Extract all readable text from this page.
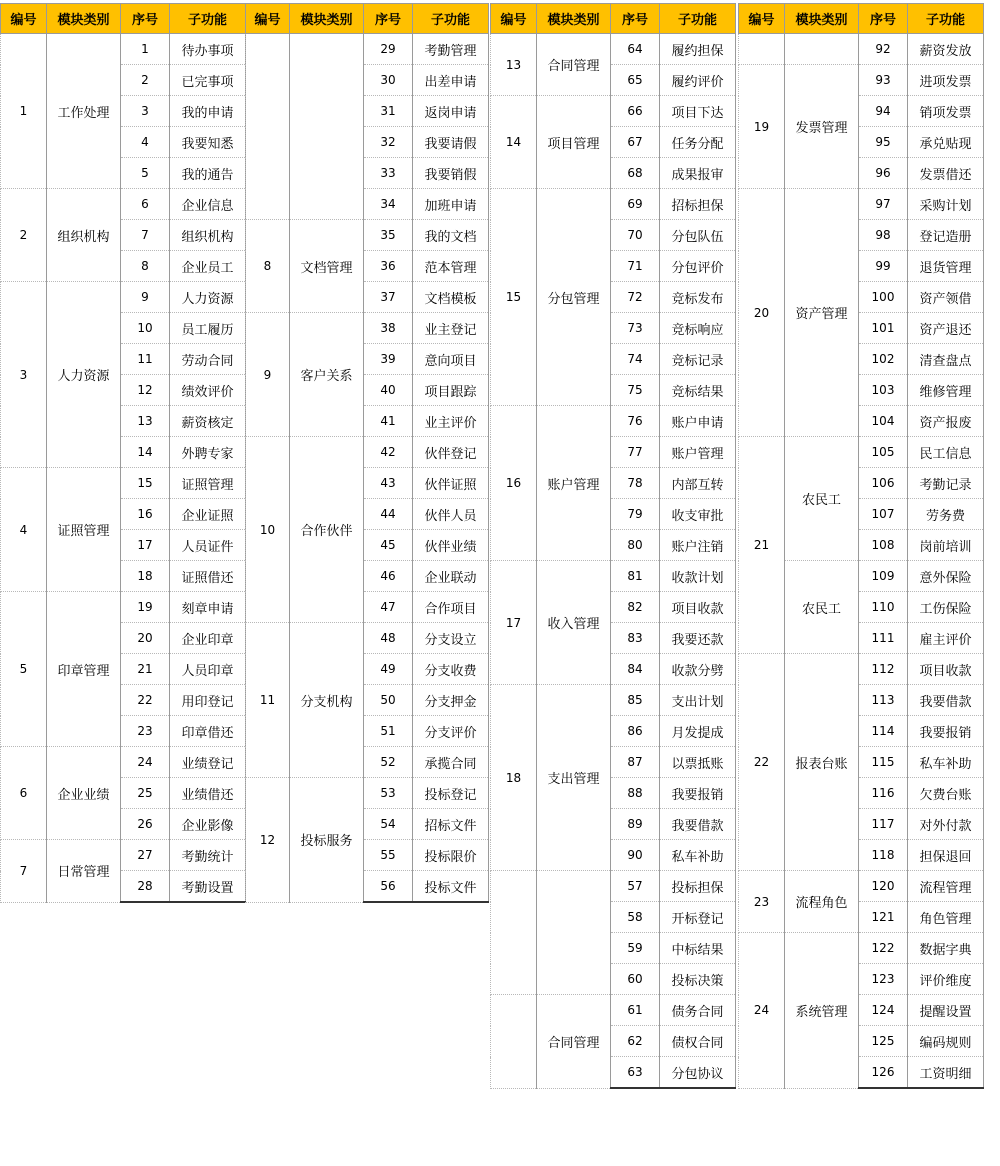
编号	模块类别	序号	子功能
1	工作处理	1	待办事项
		2	已完事项
		3	我的申请
		4	我要知悉
		5	我的通告
2	组织机构	6	企业信息
		7	组织机构
		8	企业员工
3	人力资源	9	人力资源
		10	员工履历
		11	劳动合同
		12	绩效评价
		13	薪资核定
		14	外聘专家
4	证照管理	15	证照管理
		16	企业证照
		17	人员证件
		18	证照借还
5	印章管理	19	刻章申请
		20	企业印章
		21	人员印章
		22	用印登记
		23	印章借还
6	企业业绩	24	业绩登记
		25	业绩借还
		26	企业影像
7	日常管理	27	考勤统计
		28	考勤设置
编号	模块类别	序号	子功能
		29	考勤管理
		30	出差申请
		31	返岗申请
		32	我要请假
		33	我要销假
		34	加班申请
8	文档管理	35	我的文档
		36	范本管理
		37	文档模板
9	客户关系	38	业主登记
		39	意向项目
		40	项目跟踪
		41	业主评价
10	合作伙伴	42	伙伴登记
		43	伙伴证照
		44	伙伴人员
		45	伙伴业绩
		46	企业联动
		47	合作项目
11	分支机构	48	分支设立
		49	分支收费
		50	分支押金
		51	分支评价
		52	承揽合同
12	投标服务	53	投标登记
		54	招标文件
		55	投标限价
		56	投标文件
编号	模块类别	序号	子功能
13	合同管理	64	履约担保
		65	履约评价
14	项目管理	66	项目下达
		67	任务分配
		68	成果报审
15	分包管理	69	招标担保
		70	分包队伍
		71	分包评价
		72	竞标发布
		73	竞标响应
		74	竞标记录
		75	竞标结果
16	账户管理	76	账户申请
		77	账户管理
		78	内部互转
		79	收支审批
		80	账户注销
17	收入管理	81	收款计划
		82	项目收款
		83	我要还款
		84	收款分劈
18	支出管理	85	支出计划
		86	月发提成
		87	以票抵账
		88	我要报销
		89	我要借款
		90	私车补助
		57	投标担保
		58	开标登记
		59	中标结果
		60	投标决策
	合同管理	61	债务合同
		62	债权合同
		63	分包协议
编号	模块类别	序号	子功能
		92	薪资发放
19	发票管理	93	进项发票
		94	销项发票
		95	承兑贴现
		96	发票借还
20	资产管理	97	采购计划
		98	登记造册
		99	退货管理
		100	资产领借
		101	资产退还
		102	清查盘点
		103	维修管理
		104	资产报废
21	农民工	105	民工信息
		106	考勤记录
		107	劳务费
		108	岗前培训
	农民工	109	意外保险
		110	工伤保险
		111	雇主评价
22	报表台账	112	项目收款
		113	我要借款
		114	我要报销
		115	私车补助
		116	欠费台账
		117	对外付款
		118	担保退回
23	流程角色	120	流程管理
		121	角色管理
24	系统管理	122	数据字典
		123	评价维度
		124	提醒设置
		125	编码规则
		126	工资明细
